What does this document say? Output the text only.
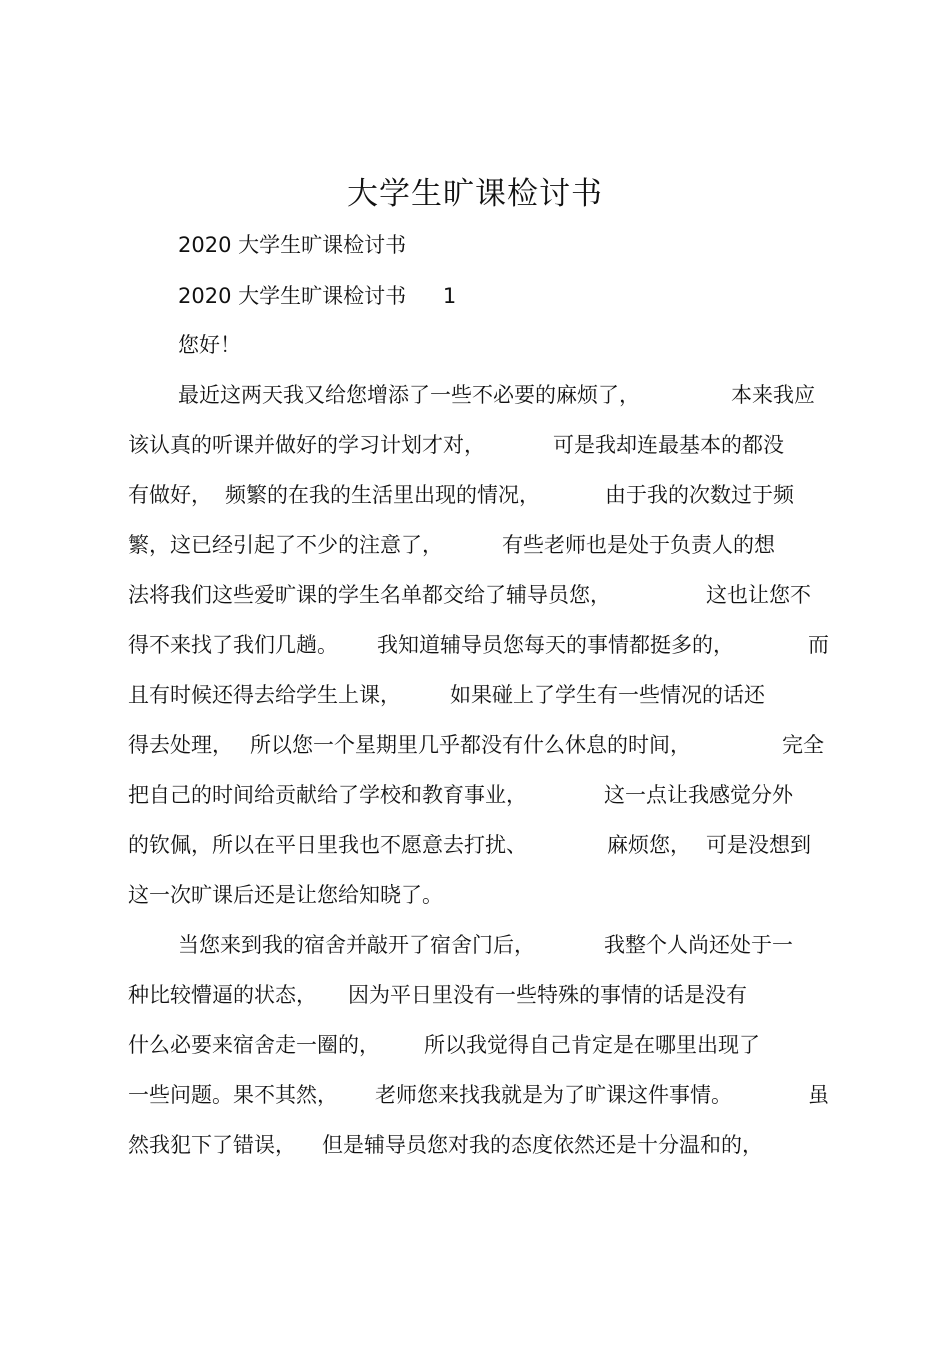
大学生旷课检讨书
2020 大学生旷课检讨书
2020 大学生旷课检讨书 1
您好！
最近这两天我又给您增添了一些不必要的麻烦了，	本来我应
该认真的听课并做好的学习计划才对，	可是我却连最基本的都没
有做好， 频繁的在我的生活里出现的情况，	由于我的次数过于频
繁，这已经引起了不少的注意了，	有些老师也是处于负责人的想
法将我们这些爱旷课的学生名单都交给了辅导员您，	这也让您不
得不来找了我们几趟。 我知道辅导员您每天的事情都挺多的，	而
且有时候还得去给学生上课， 如果碰上了学生有一些情况的话还
得去处理， 所以您一个星期里几乎都没有什么休息的时间，	完全
把自己的时间给贡献给了学校和教育事业，	这一点让我感觉分外
的钦佩，所以在平日里我也不愿意去打扰、	麻烦您， 可是没想到
这一次旷课后还是让您给知晓了。
当您来到我的宿舍并敲开了宿舍门后，	我整个人尚还处于一
种比较懵逼的状态， 因为平日里没有一些特殊的事情的话是没有
什么必要来宿舍走一圈的， 所以我觉得自己肯定是在哪里出现了
一些问题。果不其然， 老师您来找我就是为了旷课这件事情。	虽
然我犯下了错误， 但是辅导员您对我的态度依然还是十分温和的，
